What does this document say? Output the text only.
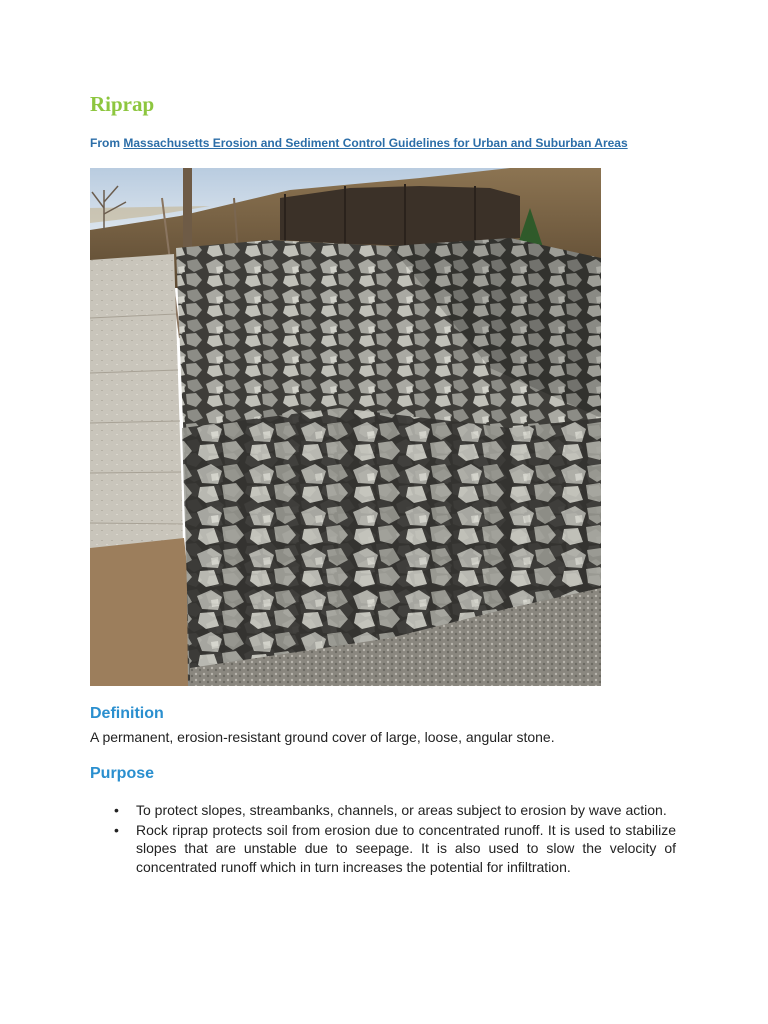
Riprap

From Massachusetts Erosion and Sediment Control Guidelines for Urban and Suburban Areas

Definition

A permanent, erosion-resistant ground cover of large, loose, angular stone.

Purpose
• To protect slopes, streambanks, channels, or areas subject to erosion by wave action.
• Rock riprap protects soil from erosion due to concentrated runoff. It is used to stabilize slopes that are unstable due to seepage. It is also used to slow the velocity of concentrated runoff which in turn increases the potential for infiltration.
